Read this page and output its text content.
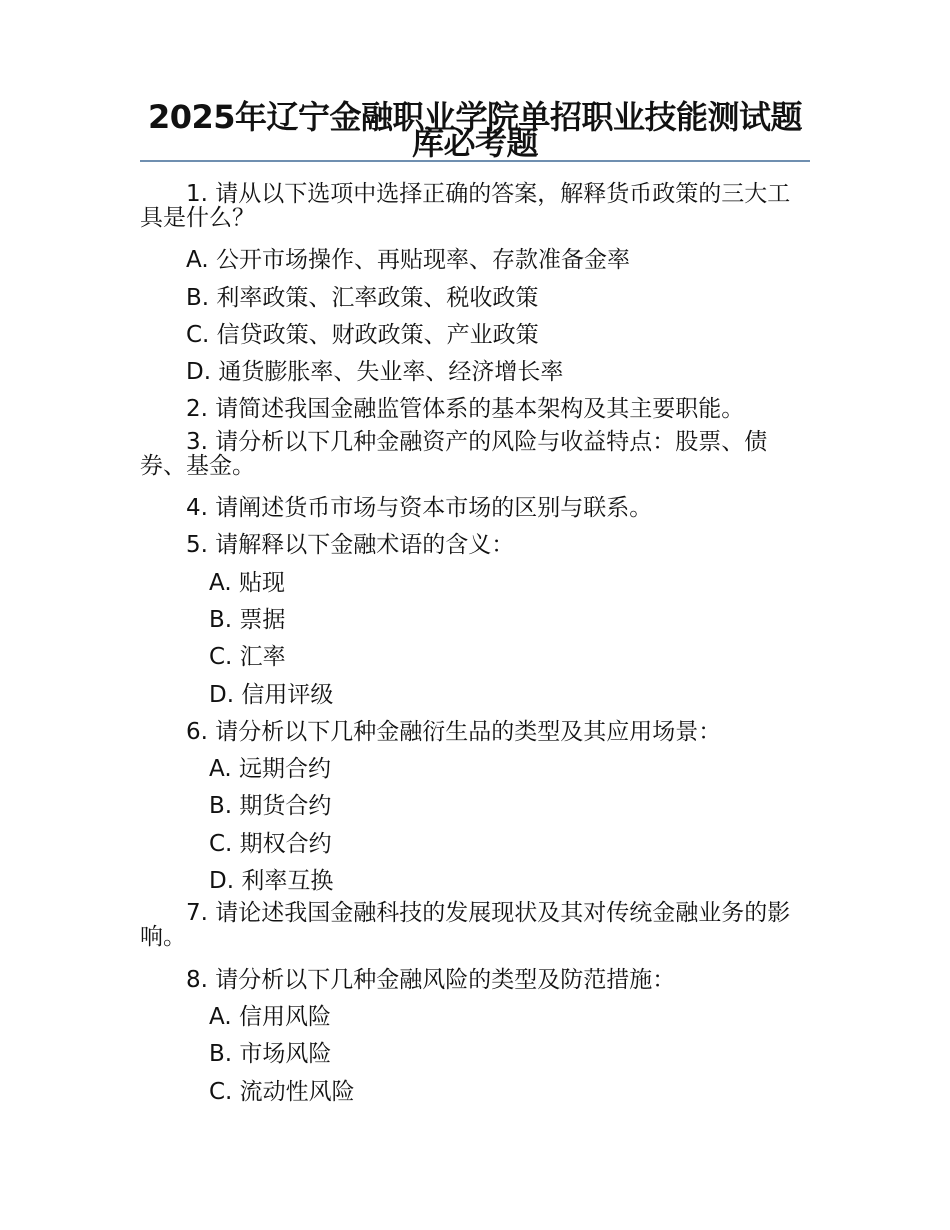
2025年辽宁金融职业学院单招职业技能测试题库必考题

1. 请从以下选项中选择正确的答案，解释货币政策的三大工具是什么？

A. 公开市场操作、再贴现率、存款准备金率

B. 利率政策、汇率政策、税收政策

C. 信贷政策、财政政策、产业政策

D. 通货膨胀率、失业率、经济增长率

2. 请简述我国金融监管体系的基本架构及其主要职能。

3. 请分析以下几种金融资产的风险与收益特点：股票、债券、基金。

4. 请阐述货币市场与资本市场的区别与联系。

5. 请解释以下金融术语的含义：

A. 贴现

B. 票据

C. 汇率

D. 信用评级

6. 请分析以下几种金融衍生品的类型及其应用场景：

A. 远期合约

B. 期货合约

C. 期权合约

D. 利率互换

7. 请论述我国金融科技的发展现状及其对传统金融业务的影响。

8. 请分析以下几种金融风险的类型及防范措施：

A. 信用风险

B. 市场风险

C. 流动性风险
